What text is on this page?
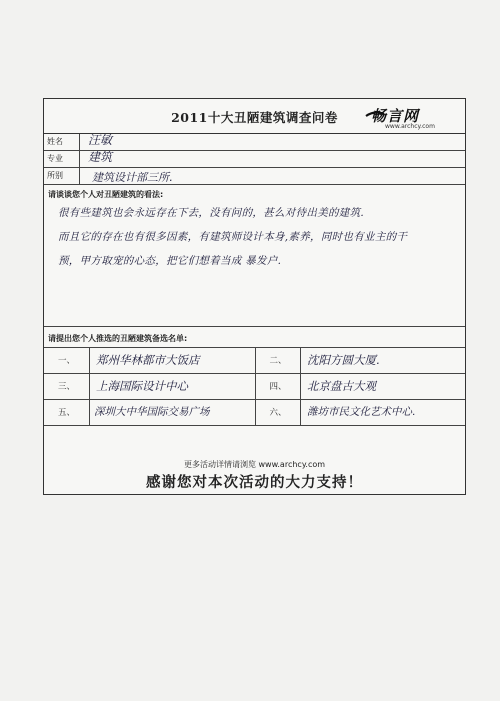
2011十大丑陋建筑调查问卷	畅言网
www.archcy.com
姓名	汪敏
专业	建筑
所别	建筑设计部三所.
请谈谈您个人对丑陋建筑的看法:
很有些建筑也会永远存在下去，没有问的，甚么对待出美的建筑.
而且它的存在也有很多因素，有建筑师设计本身,素养，同时也有业主的干
预，甲方取宠的心态，把它们想着当成 暴发户.
请提出您个人推选的丑陋建筑备选名单:
一、	郑州华林都市大饭店	二、	沈阳方圆大厦.
三、	上海国际设计中心	四、	北京盘古大观
五、	深圳大中华国际交易广场	六、	潍坊市民文化艺术中心.
更多活动详情请浏览 www.archcy.com
感谢您对本次活动的大力支持！
